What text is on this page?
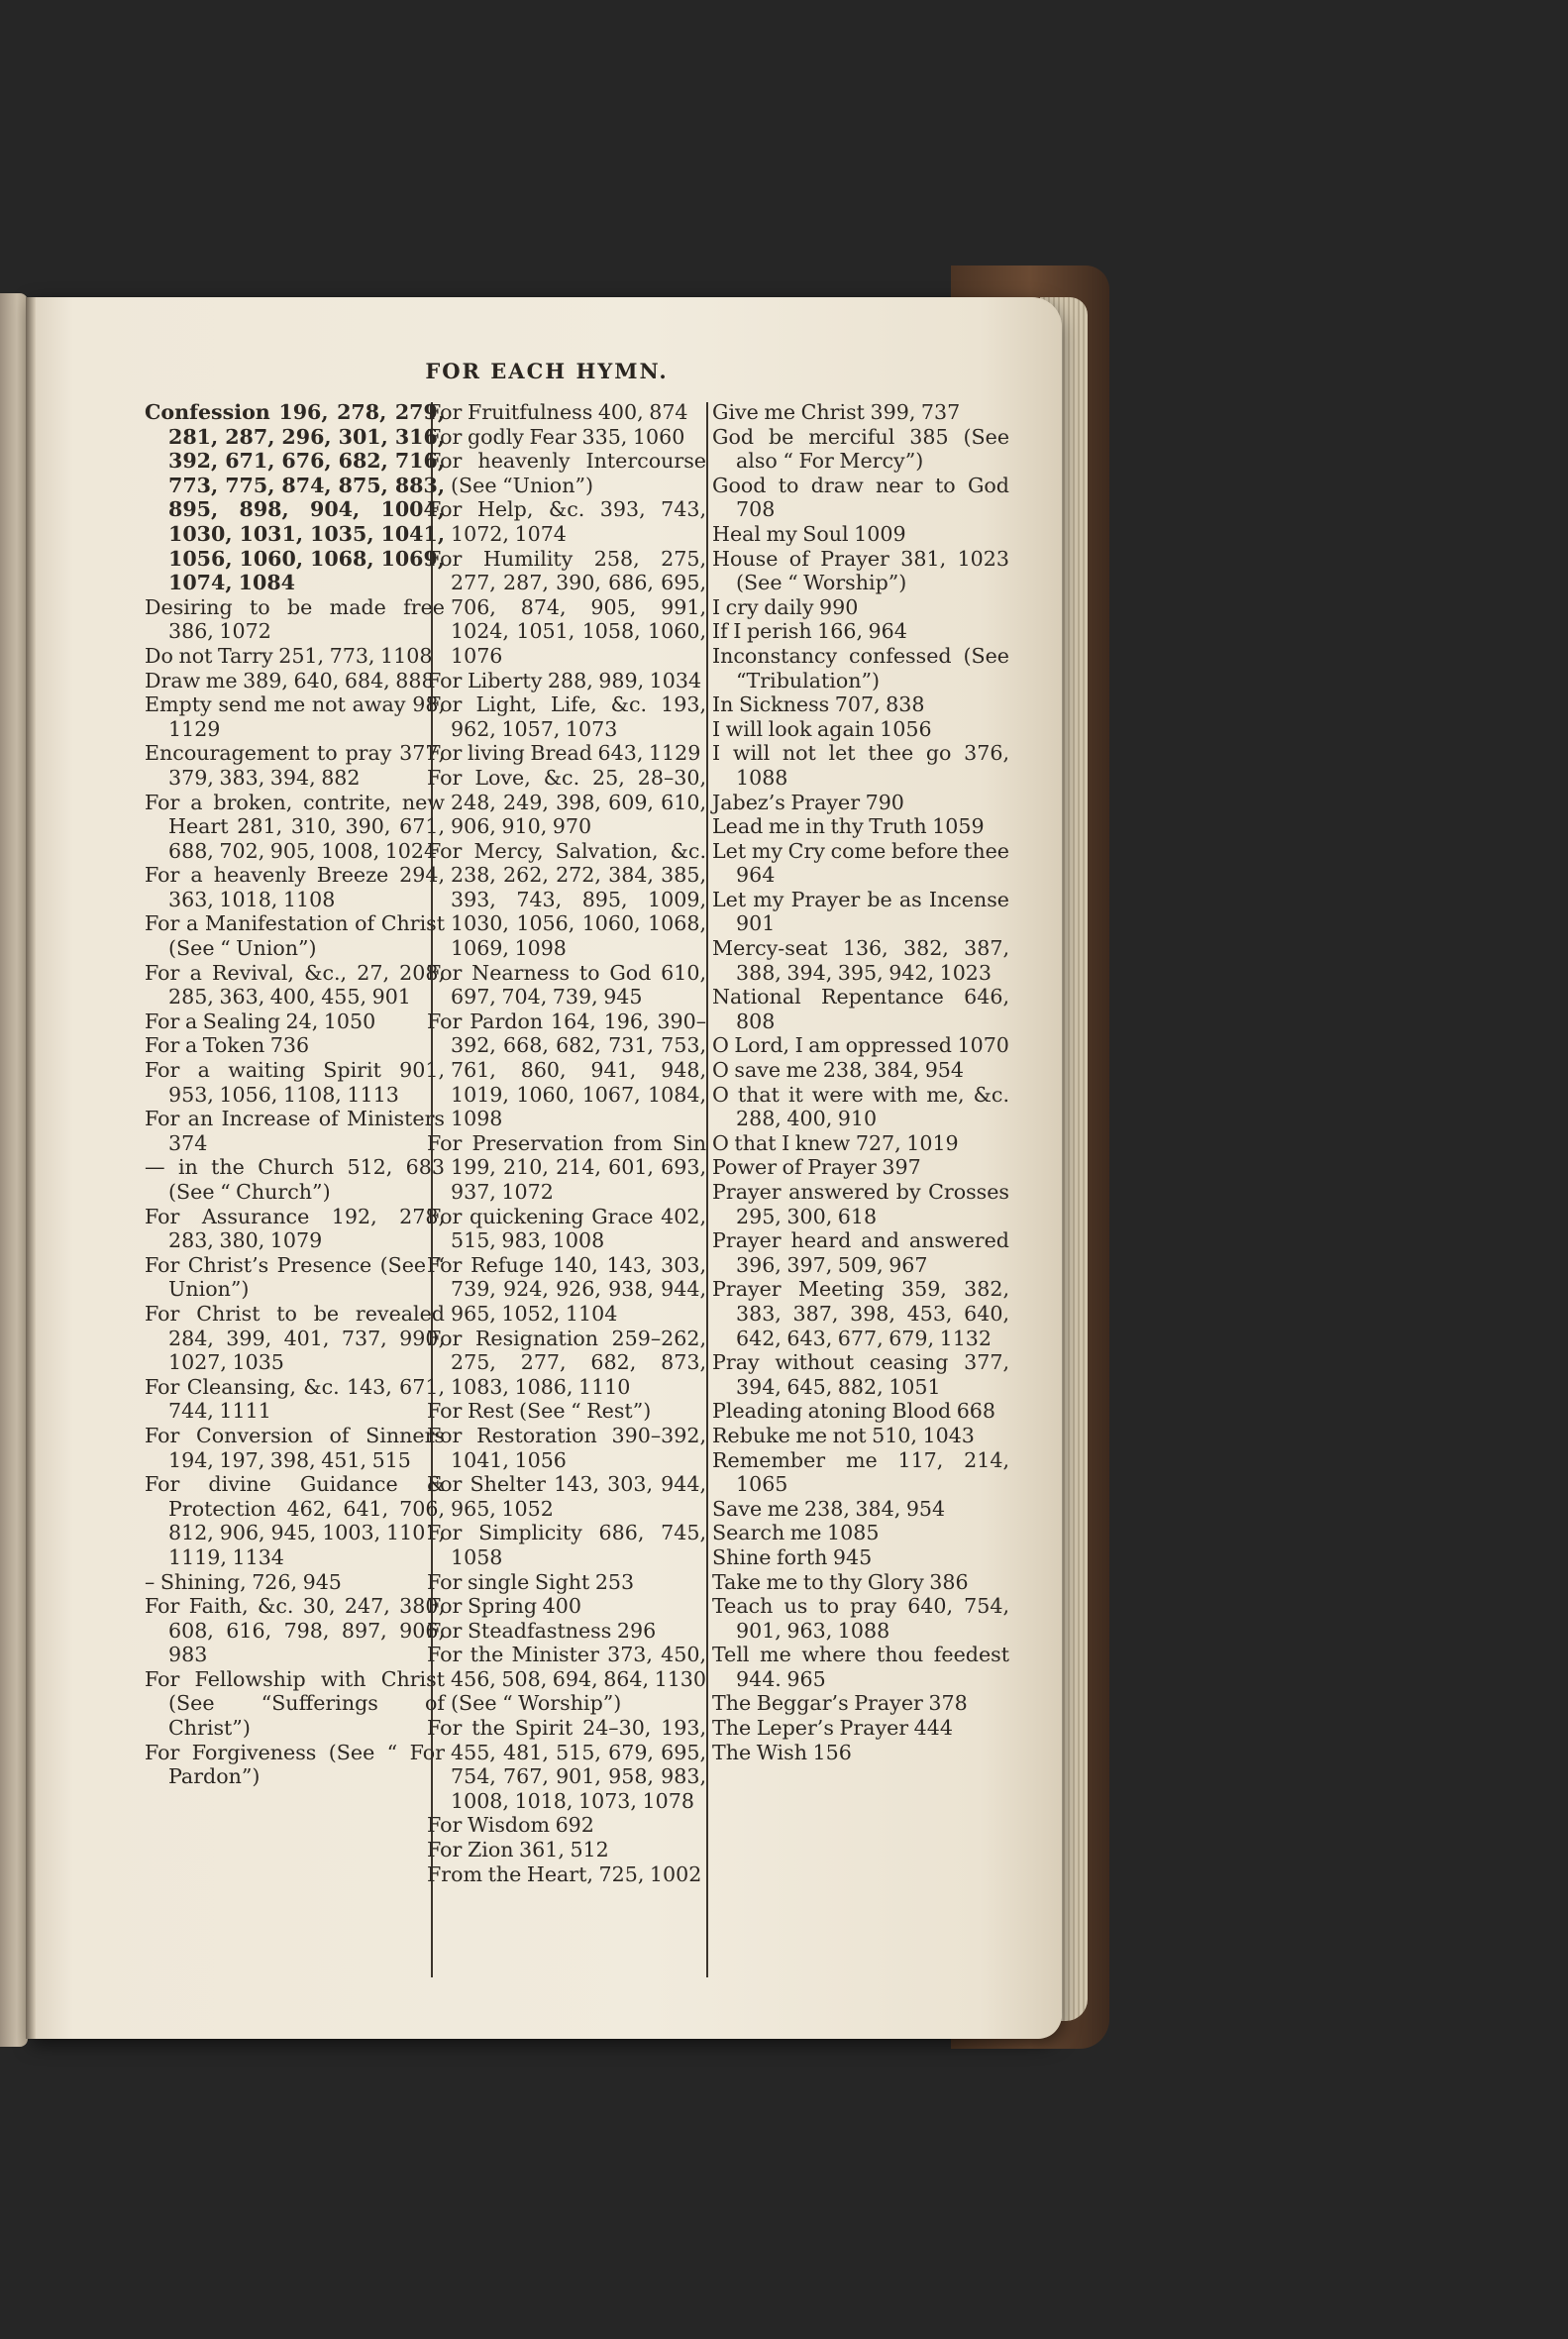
FOR EACH HYMN.
Confession 196, 278, 279, 281, 287, 296, 301, 316, 392, 671, 676, 682, 716, 773, 775, 874, 875, 883, 895, 898, 904, 1004, 1030, 1031, 1035, 1041, 1056, 1060, 1068, 1069, 1074, 1084
Desiring to be made free 386, 1072
Do not Tarry 251, 773, 1108
Draw me 389, 640, 684, 888
Empty send me not away 98, 1129
Encouragement to pray 377, 379, 383, 394, 882
For a broken, contrite, new Heart 281, 310, 390, 671, 688, 702, 905, 1008, 1024
For a heavenly Breeze 294, 363, 1018, 1108
For a Manifestation of Christ (See “ Union”)
For a Revival, &c., 27, 208, 285, 363, 400, 455, 901
For a Sealing 24, 1050
For a Token 736
For a waiting Spirit 901, 953, 1056, 1108, 1113
For an Increase of Ministers 374
— in the Church 512, 683 (See “ Church”)
For Assurance 192, 278, 283, 380, 1079
For Christ’s Presence (See “ Union”)
For Christ to be revealed 284, 399, 401, 737, 990, 1027, 1035
For Cleansing, &c. 143, 671, 744, 1111
For Conversion of Sinners 194, 197, 398, 451, 515
For divine Guidance & Protection 462, 641, 706, 812, 906, 945, 1003, 1101, 1119, 1134
– Shining, 726, 945
For Faith, &c. 30, 247, 380, 608, 616, 798, 897, 906, 983
For Fellowship with Christ (See “Sufferings of Christ”)
For Forgiveness (See “ For Pardon”)
For Fruitfulness 400, 874
For godly Fear 335, 1060
For heavenly Intercourse (See “Union”)
For Help, &c. 393, 743, 1072, 1074
For Humility 258, 275, 277, 287, 390, 686, 695, 706, 874, 905, 991, 1024, 1051, 1058, 1060, 1076
For Liberty 288, 989, 1034
For Light, Life, &c. 193, 962, 1057, 1073
For living Bread 643, 1129
For Love, &c. 25, 28–30, 248, 249, 398, 609, 610, 906, 910, 970
For Mercy, Salvation, &c. 238, 262, 272, 384, 385, 393, 743, 895, 1009, 1030, 1056, 1060, 1068, 1069, 1098
For Nearness to God 610, 697, 704, 739, 945
For Pardon 164, 196, 390–392, 668, 682, 731, 753, 761, 860, 941, 948, 1019, 1060, 1067, 1084, 1098
For Preservation from Sin 199, 210, 214, 601, 693, 937, 1072
For quickening Grace 402, 515, 983, 1008
For Refuge 140, 143, 303, 739, 924, 926, 938, 944, 965, 1052, 1104
For Resignation 259–262, 275, 277, 682, 873, 1083, 1086, 1110
For Rest (See “ Rest”)
For Restoration 390–392, 1041, 1056
For Shelter 143, 303, 944, 965, 1052
For Simplicity 686, 745, 1058
For single Sight 253
For Spring 400
For Steadfastness 296
For the Minister 373, 450, 456, 508, 694, 864, 1130 (See “ Worship”)
For the Spirit 24–30, 193, 455, 481, 515, 679, 695, 754, 767, 901, 958, 983, 1008, 1018, 1073, 1078
For Wisdom 692
For Zion 361, 512
From the Heart, 725, 1002
Give me Christ 399, 737
God be merciful 385 (See also “ For Mercy”)
Good to draw near to God 708
Heal my Soul 1009
House of Prayer 381, 1023 (See “ Worship”)
I cry daily 990
If I perish 166, 964
Inconstancy confessed (See “Tribulation”)
In Sickness 707, 838
I will look again 1056
I will not let thee go 376, 1088
Jabez’s Prayer 790
Lead me in thy Truth 1059
Let my Cry come before thee 964
Let my Prayer be as Incense 901
Mercy-seat 136, 382, 387, 388, 394, 395, 942, 1023
National Repentance 646, 808
O Lord, I am oppressed 1070
O save me 238, 384, 954
O that it were with me, &c. 288, 400, 910
O that I knew 727, 1019
Power of Prayer 397
Prayer answered by Crosses 295, 300, 618
Prayer heard and answered 396, 397, 509, 967
Prayer Meeting 359, 382, 383, 387, 398, 453, 640, 642, 643, 677, 679, 1132
Pray without ceasing 377, 394, 645, 882, 1051
Pleading atoning Blood 668
Rebuke me not 510, 1043
Remember me 117, 214, 1065
Save me 238, 384, 954
Search me 1085
Shine forth 945
Take me to thy Glory 386
Teach us to pray 640, 754, 901, 963, 1088
Tell me where thou feedest 944. 965
The Beggar’s Prayer 378
The Leper’s Prayer 444
The Wish 156
